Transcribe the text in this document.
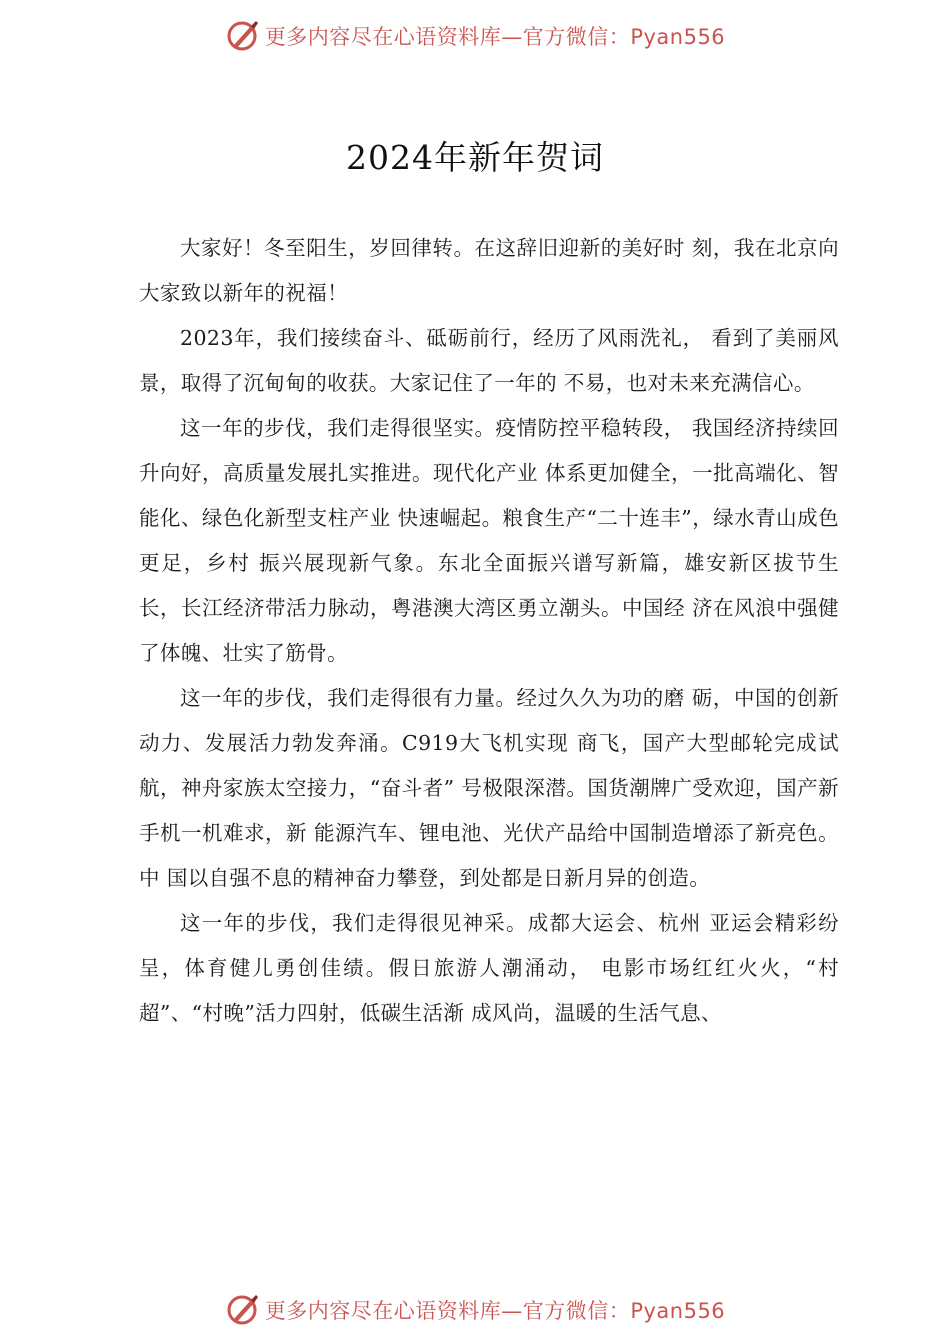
更多内容尽在心语资料库—官方微信：Pyan556
2024年新年贺词

大家好！冬至阳生，岁回律转。在这辞旧迎新的美好时 刻，我在北京向大家致以新年的祝福！

2023年，我们接续奋斗、砥砺前行，经历了风雨洗礼， 看到了美丽风景，取得了沉甸甸的收获。大家记住了一年的 不易，也对未来充满信心。

这一年的步伐，我们走得很坚实。疫情防控平稳转段， 我国经济持续回升向好，高质量发展扎实推进。现代化产业 体系更加健全，一批高端化、智能化、绿色化新型支柱产业 快速崛起。粮食生产“二十连丰”，绿水青山成色更足，乡村 振兴展现新气象。东北全面振兴谱写新篇，雄安新区拔节生 长，长江经济带活力脉动，粤港澳大湾区勇立潮头。中国经 济在风浪中强健了体魄、壮实了筋骨。

这一年的步伐，我们走得很有力量。经过久久为功的磨 砺，中国的创新动力、发展活力勃发奔涌。C919大飞机实现 商飞，国产大型邮轮完成试航，神舟家族太空接力，“奋斗者” 号极限深潜。国货潮牌广受欢迎，国产新手机一机难求，新 能源汽车、锂电池、光伏产品给中国制造增添了新亮色。中 国以自强不息的精神奋力攀登，到处都是日新月异的创造。

这一年的步伐，我们走得很见神采。成都大运会、杭州 亚运会精彩纷呈，体育健儿勇创佳绩。假日旅游人潮涌动， 电影市场红红火火，“村超”、“村晚”活力四射，低碳生活渐 成风尚，温暖的生活气息、

更多内容尽在心语资料库—官方微信：Pyan556
